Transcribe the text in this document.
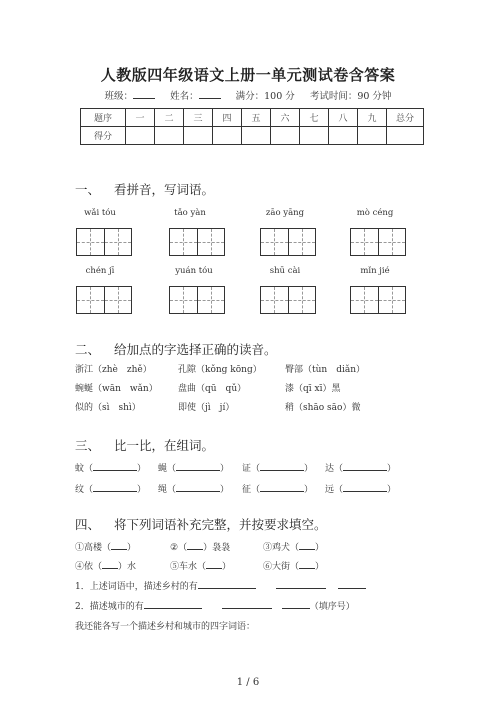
人教版四年级语文上册一单元测试卷含答案
班级：	姓名：	满分：100 分 考试时间：90 分钟
题序	一	二	三	四	五	六	七	八	九	总分
得分										
一、 看拼音，写词语。
wǎi tóu	tǎo yàn	zāo yāng	mò céng
chén jī	yuán tóu	shū cài	mǐn jié
二、 给加点的字选择正确的读音。
浙江（zhè　zhě）	孔隙（kǒng kōng）	臀部（tùn　diǎn）
蜿蜒（wān　wǎn） 盘曲（qū　qǔ）	漆（qī xī）黑
似的（sì　shì）	即使（jì　jí）	稍（shāo sāo）微
三、 比一比，在组词。
蚊（	） 蝇（	） 证（	） 达（	）
纹（	） 绳（	） 征（	） 远（	）
四、 将下列词语补充完整，并按要求填空。
①高楼（ ）	②（ ）袅袅	③鸡犬（ ）
④依（ ）水	⑤车水（ ）	⑥大街（ ）
1．上述词语中，描述乡村的有
2．描述城市的有	（填序号）
我还能各写一个描述乡村和城市的四字词语：
1 / 6
